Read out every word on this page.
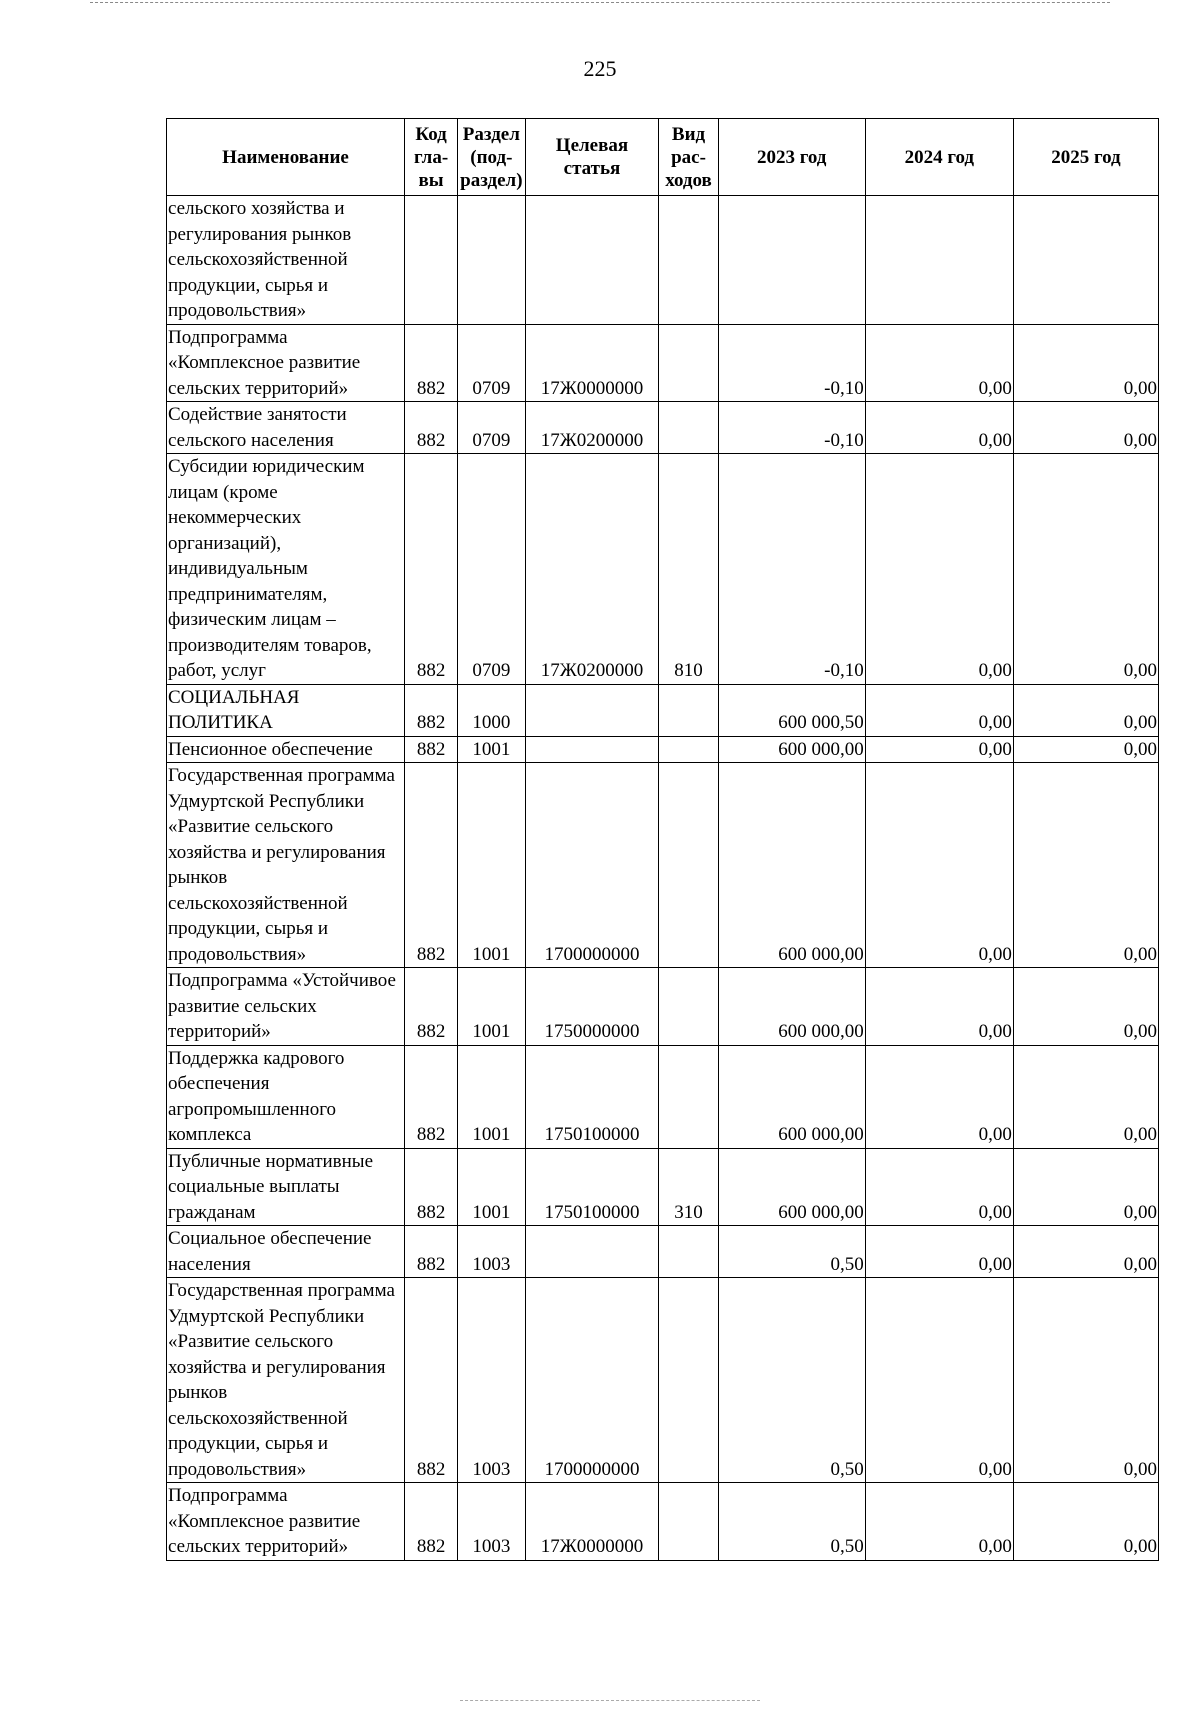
225
Наименование	Код гла- вы	Раздел (под- раздел)	Целевая статья	Вид рас- ходов	2023 год	2024 год	2025 год
сельского хозяйства и регулирования рынков сельскохозяйственной продукции, сырья и продовольствия»							
Подпрограмма «Комплексное развитие сельских территорий»	882	0709	17Ж0000000		-0,10	0,00	0,00
Содействие занятости сельского населения	882	0709	17Ж0200000		-0,10	0,00	0,00
Субсидии юридическим лицам (кроме некоммерческих организаций), индивидуальным предпринимателям, физическим лицам – производителям товаров, работ, услуг	882	0709	17Ж0200000	810	-0,10	0,00	0,00
СОЦИАЛЬНАЯ ПОЛИТИКА	882	1000			600 000,50	0,00	0,00
Пенсионное обеспечение	882	1001			600 000,00	0,00	0,00
Государственная программа Удмуртской Республики «Развитие сельского хозяйства и регулирования рынков сельскохозяйственной продукции, сырья и продовольствия»	882	1001	1700000000		600 000,00	0,00	0,00
Подпрограмма «Устойчивое развитие сельских территорий»	882	1001	1750000000		600 000,00	0,00	0,00
Поддержка кадрового обеспечения агропромышленного комплекса	882	1001	1750100000		600 000,00	0,00	0,00
Публичные нормативные социальные выплаты гражданам	882	1001	1750100000	310	600 000,00	0,00	0,00
Социальное обеспечение населения	882	1003			0,50	0,00	0,00
Государственная программа Удмуртской Республики «Развитие сельского хозяйства и регулирования рынков сельскохозяйственной продукции, сырья и продовольствия»	882	1003	1700000000		0,50	0,00	0,00
Подпрограмма «Комплексное развитие сельских территорий»	882	1003	17Ж0000000		0,50	0,00	0,00
